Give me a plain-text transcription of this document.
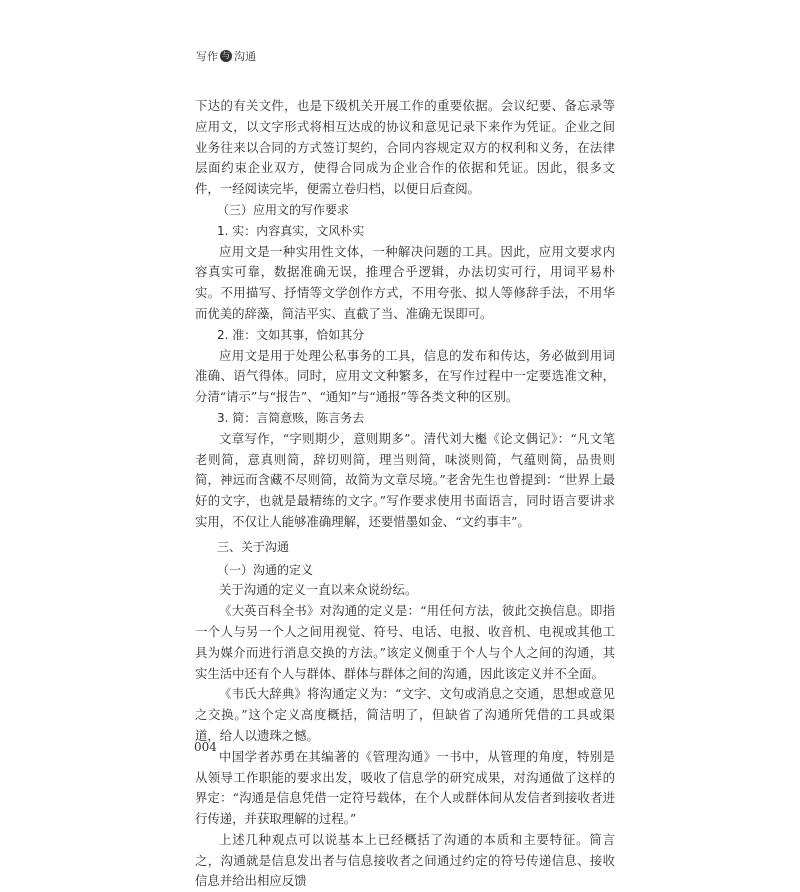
写作 与 沟通

下达的有关文件，也是下级机关开展工作的重要依据。会议纪要、备忘录等应用文，以文字形式将相互达成的协议和意见记录下来作为凭证。企业之间业务往来以合同的方式签订契约，合同内容规定双方的权利和义务，在法律层面约束企业双方，使得合同成为企业合作的依据和凭证。因此，很多文件，一经阅读完毕，便需立卷归档，以便日后查阅。

（三）应用文的写作要求

1. 实：内容真实，文风朴实

应用文是一种实用性文体，一种解决问题的工具。因此，应用文要求内容真实可靠，数据准确无误，推理合乎逻辑，办法切实可行，用词平易朴实。不用描写、抒情等文学创作方式，不用夸张、拟人等修辞手法，不用华而优美的辞藻，简洁平实、直截了当、准确无误即可。

2. 准：文如其事，恰如其分

应用文是用于处理公私事务的工具，信息的发布和传达，务必做到用词准确、语气得体。同时，应用文文种繁多，在写作过程中一定要选准文种，分清“请示”与“报告”、“通知”与“通报”等各类文种的区别。

3. 简：言简意赅，陈言务去

文章写作，“字则期少，意则期多”。清代刘大櫆《论文偶记》：“凡文笔老则简，意真则简，辞切则简，理当则简，味淡则简，气蕴则简，品贵则简，神远而含藏不尽则简，故简为文章尽境。”老舍先生也曾提到：“世界上最好的文字，也就是最精练的文字。”写作要求使用书面语言，同时语言要讲求实用，不仅让人能够准确理解，还要惜墨如金、“文约事丰”。

三、关于沟通

（一）沟通的定义

关于沟通的定义一直以来众说纷纭。

《大英百科全书》对沟通的定义是：“用任何方法，彼此交换信息。即指一个人与另一个人之间用视觉、符号、电话、电报、收音机、电视或其他工具为媒介而进行消息交换的方法。”该定义侧重于个人与个人之间的沟通，其实生活中还有个人与群体、群体与群体之间的沟通，因此该定义并不全面。

《韦氏大辞典》将沟通定义为：“文字、文句或消息之交通，思想或意见之交换。”这个定义高度概括，简洁明了，但缺省了沟通所凭借的工具或渠道，给人以遗珠之憾。

中国学者苏勇在其编著的《管理沟通》一书中，从管理的角度，特别是从领导工作职能的要求出发，吸收了信息学的研究成果，对沟通做了这样的界定：“沟通是信息凭借一定符号载体，在个人或群体间从发信者到接收者进行传递，并获取理解的过程。”

上述几种观点可以说基本上已经概括了沟通的本质和主要特征。简言之，沟通就是信息发出者与信息接收者之间通过约定的符号传递信息、接收信息并给出相应反馈

004
